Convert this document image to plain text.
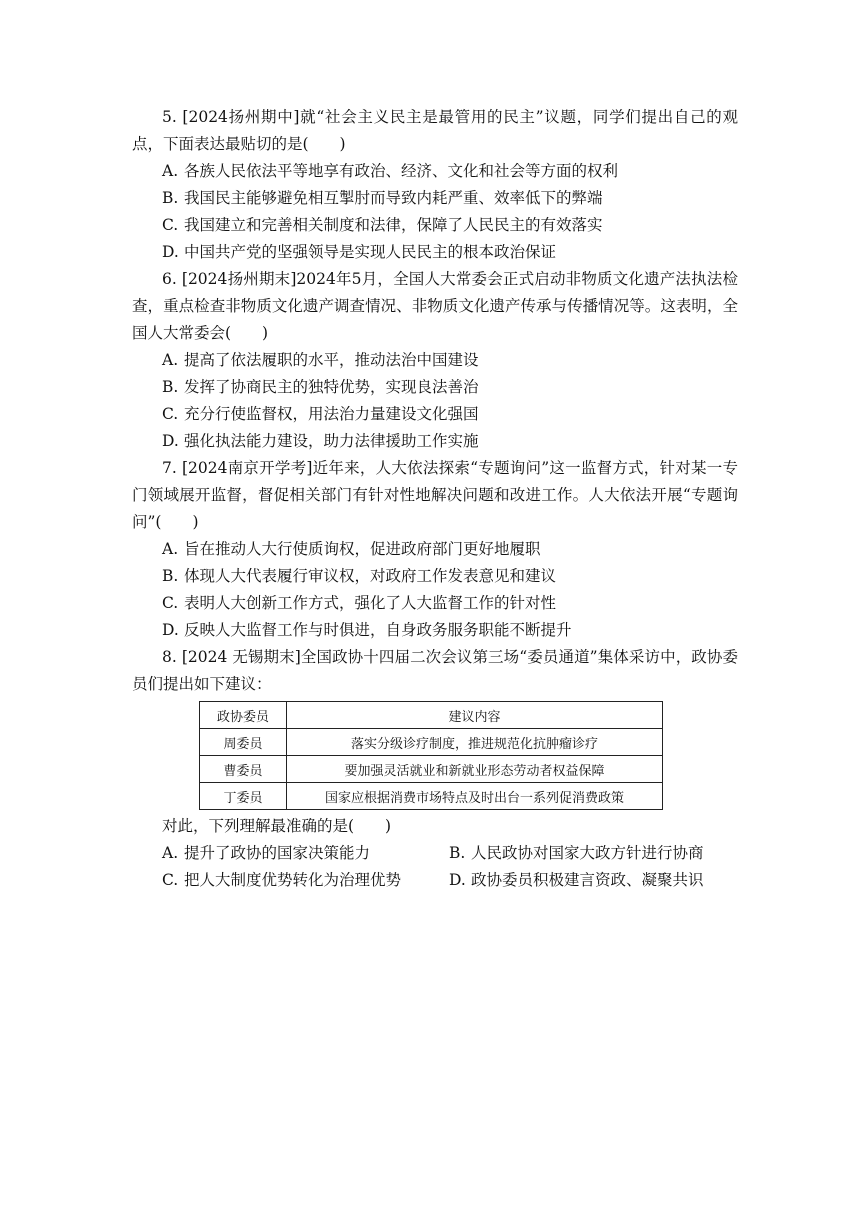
5. [2024扬州期中]就“社会主义民主是最管用的民主”议题，同学们提出自己的观点，下面表达最贴切的是(　　)

A. 各族人民依法平等地享有政治、经济、文化和社会等方面的权利
B. 我国民主能够避免相互掣肘而导致内耗严重、效率低下的弊端
C. 我国建立和完善相关制度和法律，保障了人民民主的有效落实
D. 中国共产党的坚强领导是实现人民民主的根本政治保证

6. [2024扬州期末]2024年5月，全国人大常委会正式启动非物质文化遗产法执法检查，重点检查非物质文化遗产调查情况、非物质文化遗产传承与传播情况等。这表明，全国人大常委会(　　)

A. 提高了依法履职的水平，推动法治中国建设
B. 发挥了协商民主的独特优势，实现良法善治
C. 充分行使监督权，用法治力量建设文化强国
D. 强化执法能力建设，助力法律援助工作实施

7. [2024南京开学考]近年来，人大依法探索“专题询问”这一监督方式，针对某一专门领域展开监督，督促相关部门有针对性地解决问题和改进工作。人大依法开展“专题询问”(　　)

A. 旨在推动人大行使质询权，促进政府部门更好地履职
B. 体现人大代表履行审议权，对政府工作发表意见和建议
C. 表明人大创新工作方式，强化了人大监督工作的针对性
D. 反映人大监督工作与时俱进，自身政务服务职能不断提升

8. [2024 无锡期末]全国政协十四届二次会议第三场“委员通道”集体采访中，政协委员们提出如下建议：

政协委员	建议内容
周委员	落实分级诊疗制度，推进规范化抗肿瘤诊疗
曹委员	要加强灵活就业和新就业形态劳动者权益保障
丁委员	国家应根据消费市场特点及时出台一系列促消费政策

对此，下列理解最准确的是(　　)

A. 提升了政协的国家决策能力	B. 人民政协对国家大政方针进行协商
C. 把人大制度优势转化为治理优势	D. 政协委员积极建言资政、凝聚共识
